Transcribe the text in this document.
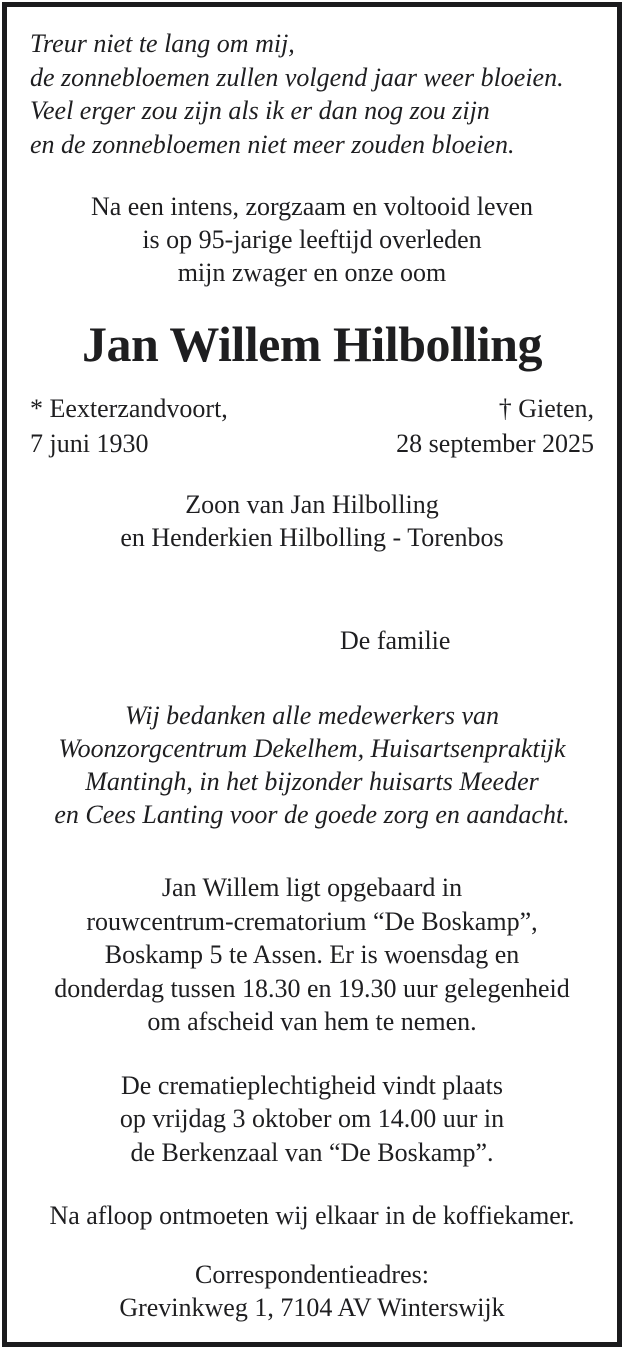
Treur niet te lang om mij,
de zonnebloemen zullen volgend jaar weer bloeien.
Veel erger zou zijn als ik er dan nog zou zijn
en de zonnebloemen niet meer zouden bloeien.
Na een intens, zorgzaam en voltooid leven
is op 95-jarige leeftijd overleden
mijn zwager en onze oom
Jan Willem Hilbolling
* Eexterzandvoort,
7 juni 1930
† Gieten,
28 september 2025
Zoon van Jan Hilbolling
en Henderkien Hilbolling - Torenbos
De familie
Wij bedanken alle medewerkers van
Woonzorgcentrum Dekelhem, Huisartsenpraktijk
Mantingh, in het bijzonder huisarts Meeder
en Cees Lanting voor de goede zorg en aandacht.
Jan Willem ligt opgebaard in
rouwcentrum-crematorium “De Boskamp”,
Boskamp 5 te Assen. Er is woensdag en
donderdag tussen 18.30 en 19.30 uur gelegenheid
om afscheid van hem te nemen.
De crematieplechtigheid vindt plaats
op vrijdag 3 oktober om 14.00 uur in
de Berkenzaal van “De Boskamp”.
Na afloop ontmoeten wij elkaar in de koffiekamer.
Correspondentieadres:
Grevinkweg 1, 7104 AV Winterswijk
